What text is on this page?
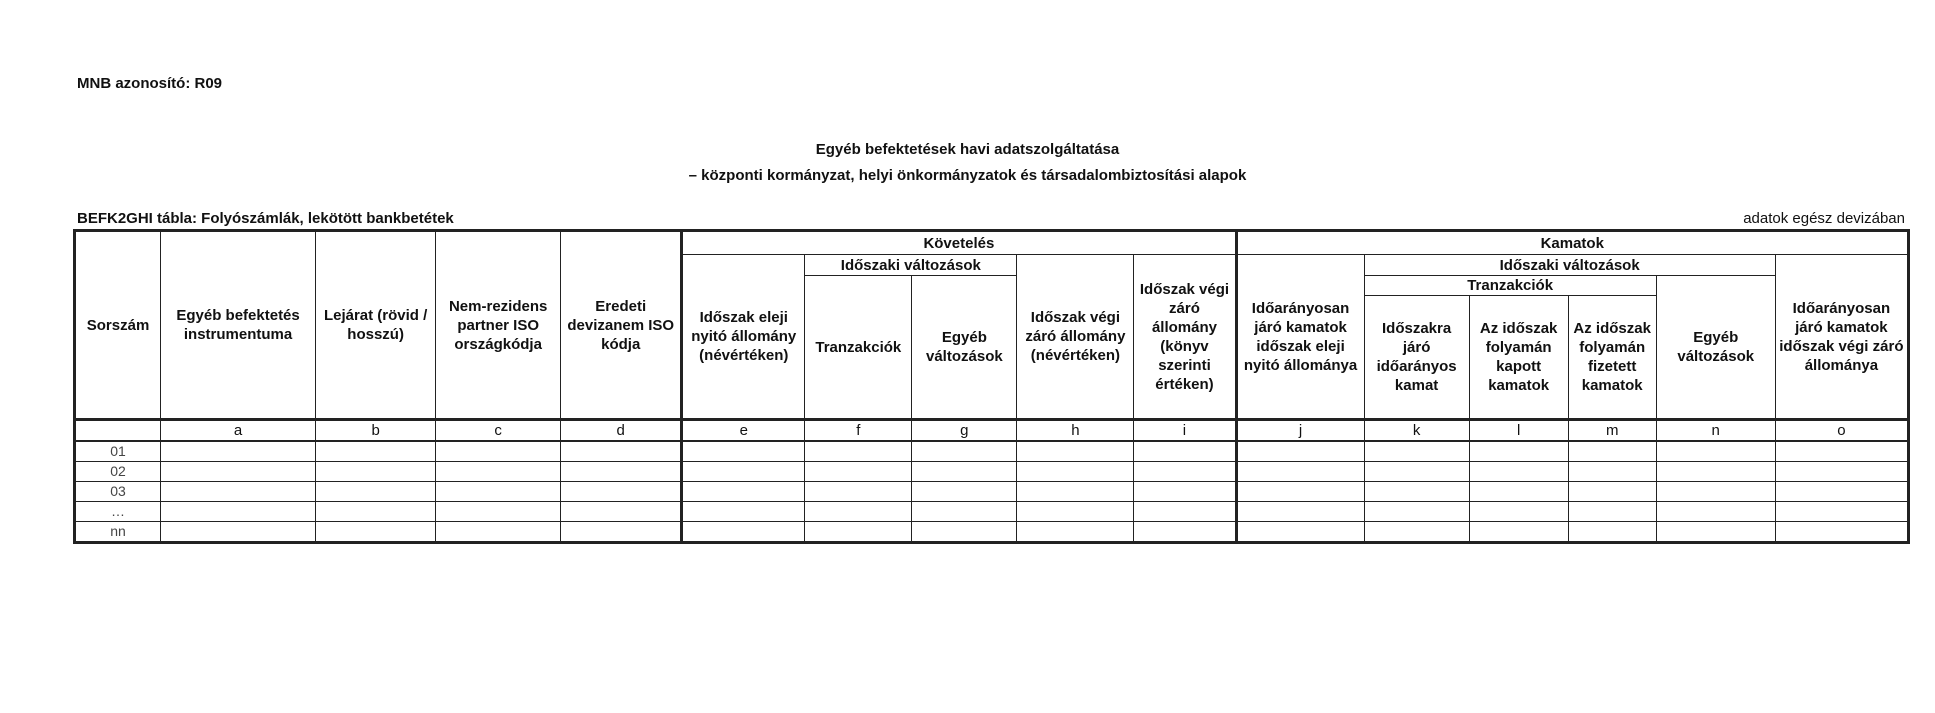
MNB azonosító: R09
Egyéb befektetések havi adatszolgáltatása
– központi kormányzat, helyi önkormányzatok és társadalombiztosítási alapok
BEFK2GHI tábla: Folyószámlák, lekötött bankbetétek	adatok egész devizában
Sorszám	Egyéb befektetés instrumentuma	Lejárat (rövid / hosszú)	Nem-rezidens partner ISO országkódja	Eredeti devizanem ISO kódja	Követelés					Kamatok					
					Időszak eleji nyitó állomány (névértéken)	Időszaki változások		Időszak végi záró állomány (névértéken)	Időszak végi záró állomány (könyv szerinti értéken)	Időarányosan járó kamatok időszak eleji nyitó állománya	Időszaki változások				Időarányosan járó kamatok időszak végi záró állománya
						Tranzakciók	Egyéb változások				Tranzakciók			Egyéb változások	
											Időszakra járó időarányos kamat	Az időszak folyamán kapott kamatok	Az időszak folyamán fizetett kamatok		
	a	b	c	d	e	f	g	h	i	j	k	l	m	n	o
01															
02															
03															
…															
nn															
